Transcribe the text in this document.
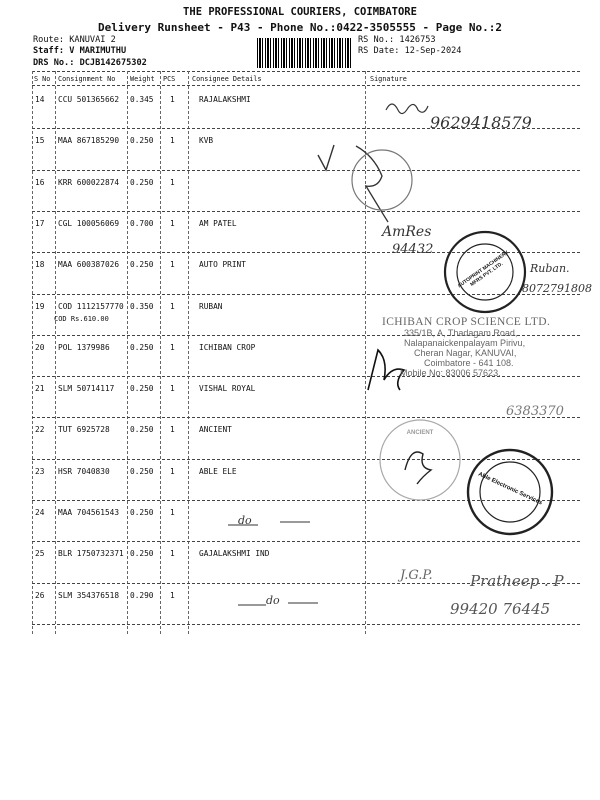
THE PROFESSIONAL COURIERS, COIMBATORE
Delivery Runsheet - P43 - Phone No.:0422-3505555 - Page No.:2
Route: KANUVAI 2
Staff: V MARIMUTHU
DRS No.: DCJB142675302
RS No.: 1426753
RS Date: 12-Sep-2024
S No Consignment No Weight PCS Consignee Details	Signature
14 CCU 501365662 0.345 1	RAJALAKSHMI
15 MAA 867185290 0.250 1	KVB
16 KRR 600022874 0.250 1
17 CGL 100056069 0.700 1	AM PATEL
18 MAA 600387026 0.250 1	AUTO PRINT
19 COD 1112157770 0.350 1	RUBAN
COD Rs.610.00
20 POL 1379986	0.250 1	ICHIBAN CROP
21 SLM 50714117 0.250 1	VISHAL ROYAL
22 TUT 6925728	0.250 1	ANCIENT
23 HSR 7040830	0.250 1	ABLE ELE
24 MAA 704561543 0.250 1
25 BLR 1750732371 0.250 1	GAJALAKSHMI IND
26 SLM 354376518 0.290 1
9629418579
AmRes
94432
Ruban.
8072791808
6383370
do
J.G.P. Pratheep . P
99420 76445
do
ICHIBAN CROP SCIENCE LTD.
335/1B, A, Thadagam Road,
Nalapanaickenpalayam Pirivu,
Cheran Nagar, KANUVAI,
Coimbatore - 641 108.
Mobile No: 83006 57623.
AUTOPRINT MACHINERY MFRS PVT. LTD.
Able Electronic Services
ANCIENT
